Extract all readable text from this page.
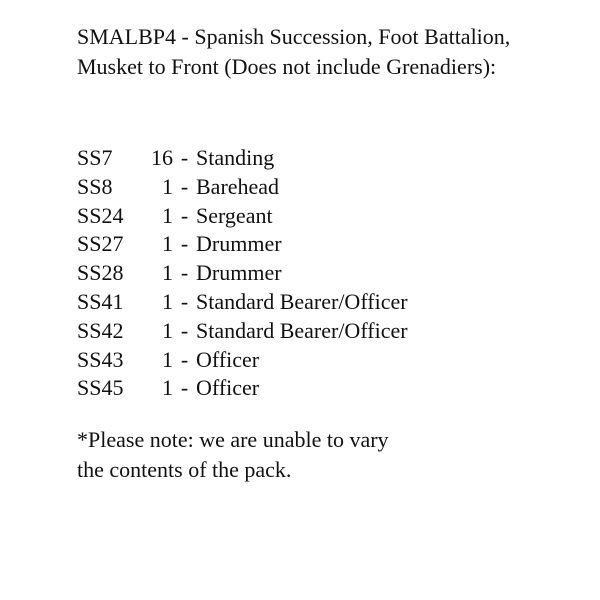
SMALBP4 - Spanish Succession, Foot Battalion,
Musket to Front (Does not include Grenadiers):
SS7	16 - Standing
SS8	1 - Barehead
SS24	1 - Sergeant
SS27	1 - Drummer
SS28	1 - Drummer
SS41	1 - Standard Bearer/Officer
SS42	1 - Standard Bearer/Officer
SS43	1 - Officer
SS45	1 - Officer
*Please note: we are unable to vary
the contents of the pack.
